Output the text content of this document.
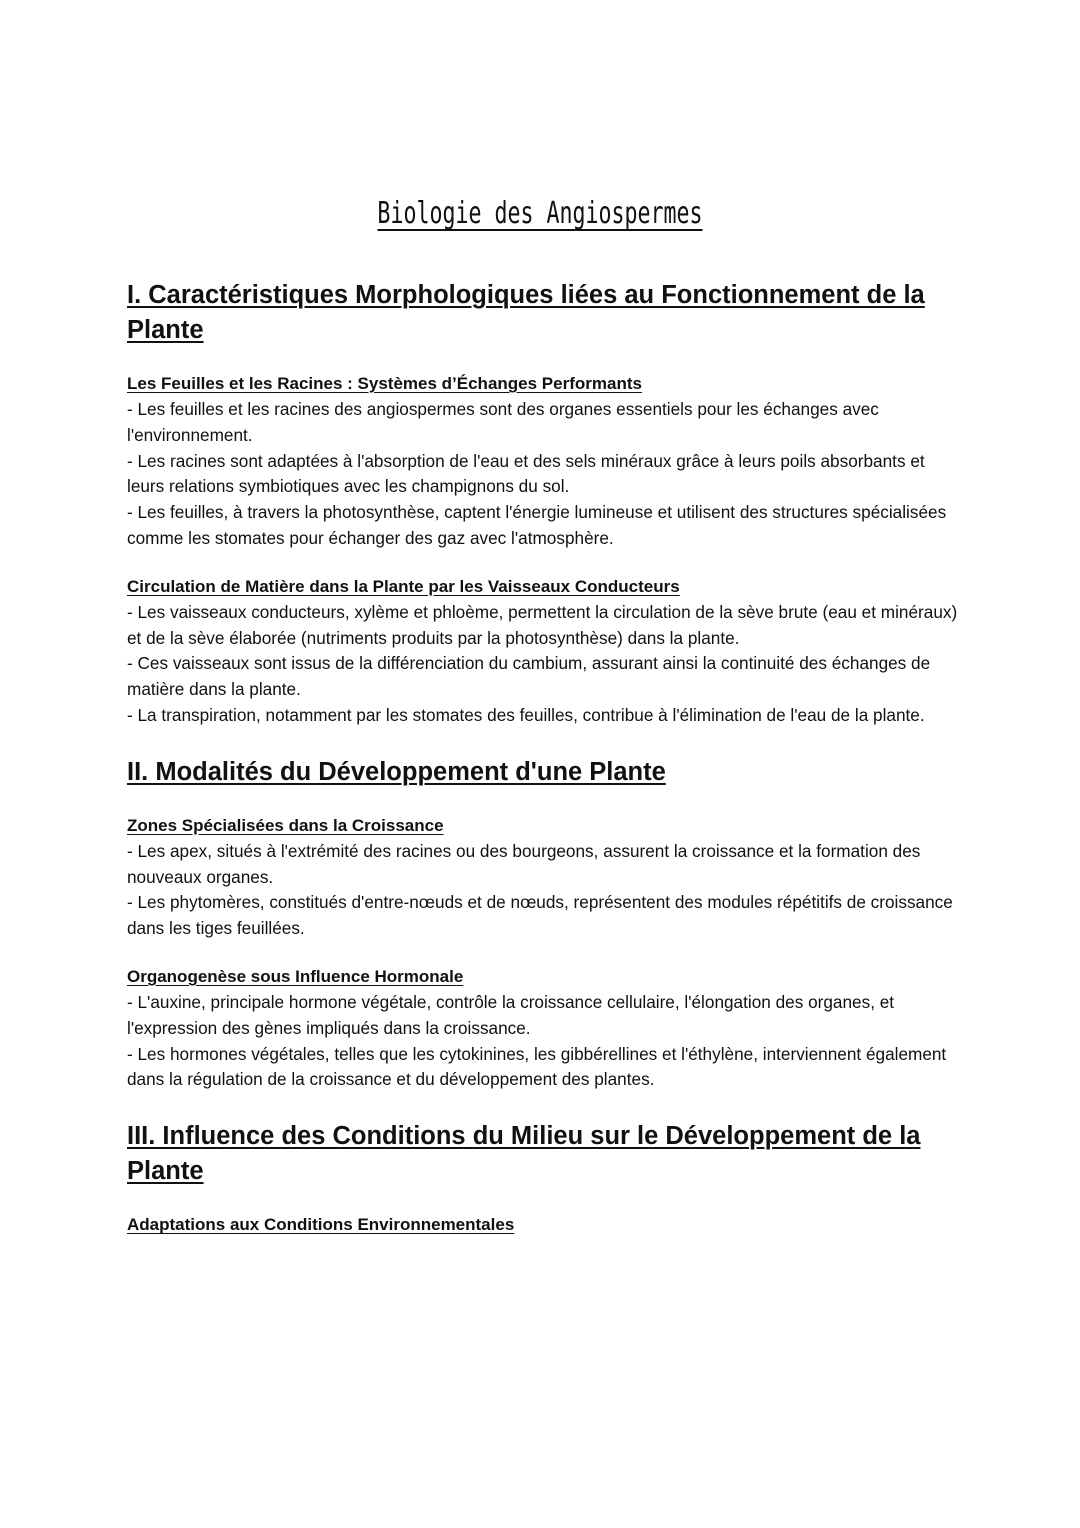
Biologie des Angiospermes
I. Caractéristiques Morphologiques liées au Fonctionnement de la Plante
Les Feuilles et les Racines : Systèmes d’Échanges Performants

- Les feuilles et les racines des angiospermes sont des organes essentiels pour les échanges avec l'environnement.

- Les racines sont adaptées à l'absorption de l'eau et des sels minéraux grâce à leurs poils absorbants et leurs relations symbiotiques avec les champignons du sol.

- Les feuilles, à travers la photosynthèse, captent l'énergie lumineuse et utilisent des structures spécialisées comme les stomates pour échanger des gaz avec l'atmosphère.

Circulation de Matière dans la Plante par les Vaisseaux Conducteurs

- Les vaisseaux conducteurs, xylème et phloème, permettent la circulation de la sève brute (eau et minéraux) et de la sève élaborée (nutriments produits par la photosynthèse) dans la plante.

- Ces vaisseaux sont issus de la différenciation du cambium, assurant ainsi la continuité des échanges de matière dans la plante.

- La transpiration, notamment par les stomates des feuilles, contribue à l'élimination de l'eau de la plante.

II. Modalités du Développement d'une Plante
Zones Spécialisées dans la Croissance

- Les apex, situés à l'extrémité des racines ou des bourgeons, assurent la croissance et la formation des nouveaux organes.

- Les phytomères, constitués d'entre-nœuds et de nœuds, représentent des modules répétitifs de croissance dans les tiges feuillées.

Organogenèse sous Influence Hormonale

- L'auxine, principale hormone végétale, contrôle la croissance cellulaire, l'élongation des organes, et l'expression des gènes impliqués dans la croissance.

- Les hormones végétales, telles que les cytokinines, les gibbérellines et l'éthylène, interviennent également dans la régulation de la croissance et du développement des plantes.

III. Influence des Conditions du Milieu sur le Développement de la Plante
Adaptations aux Conditions Environnementales
